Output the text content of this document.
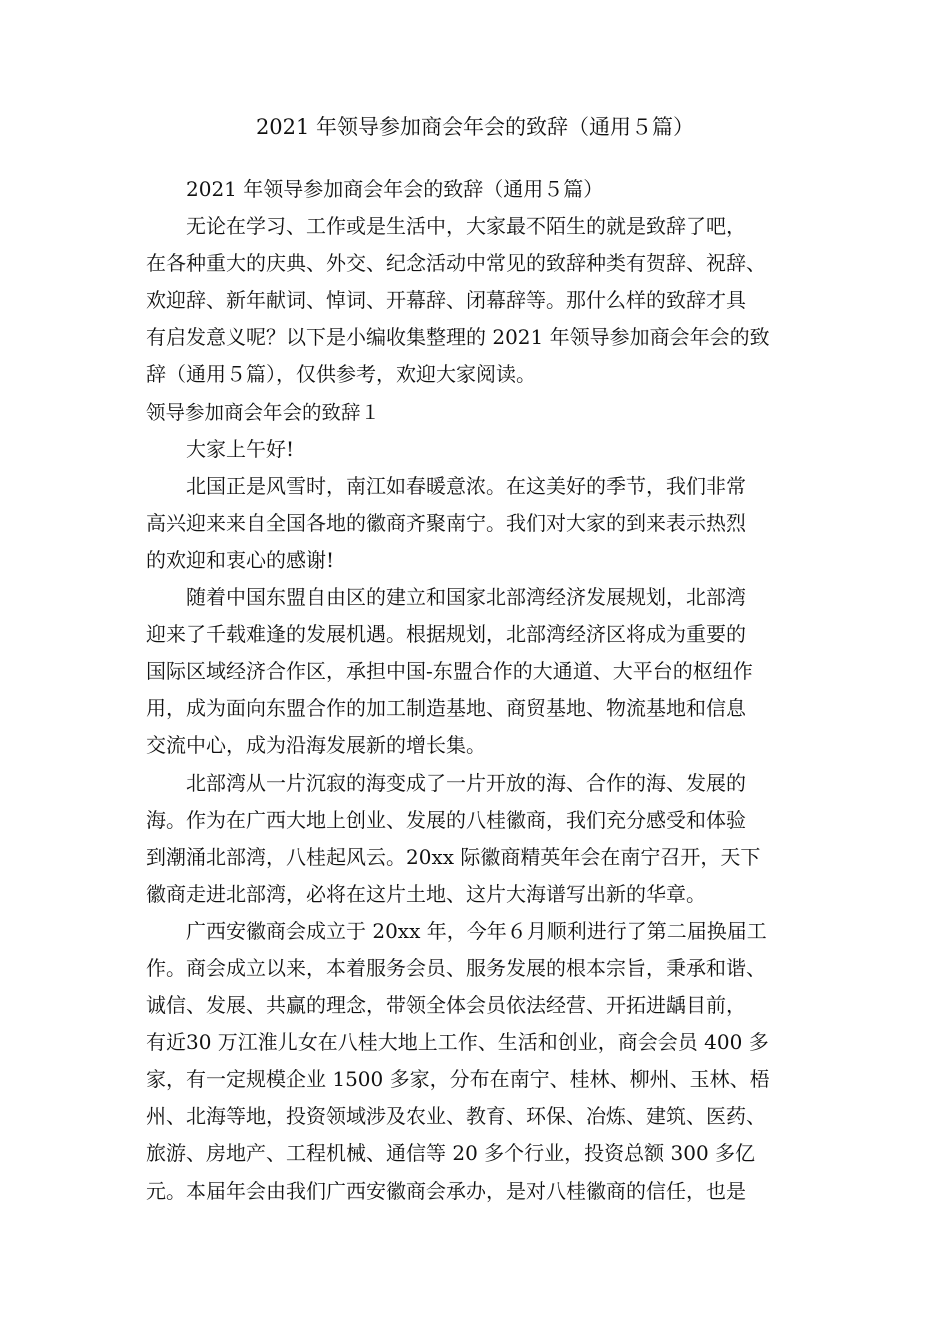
2021 年领导参加商会年会的致辞（通用５篇）
2021 年领导参加商会年会的致辞（通用５篇）
无论在学习、工作或是生活中，大家最不陌生的就是致辞了吧，
在各种重大的庆典、外交、纪念活动中常见的致辞种类有贺辞、祝辞、
欢迎辞、新年献词、悼词、开幕辞、闭幕辞等。那什么样的致辞才具
有启发意义呢？以下是小编收集整理的 2021 年领导参加商会年会的致
辞（通用５篇），仅供参考，欢迎大家阅读。
领导参加商会年会的致辞１
大家上午好!
北国正是风雪时，南江如春暖意浓。在这美好的季节，我们非常
高兴迎来来自全国各地的徽商齐聚南宁。我们对大家的到来表示热烈
的欢迎和衷心的感谢!
随着中国东盟自由区的建立和国家北部湾经济发展规划，北部湾
迎来了千载难逢的发展机遇。根据规划，北部湾经济区将成为重要的
国际区域经济合作区，承担中国-东盟合作的大通道、大平台的枢纽作
用，成为面向东盟合作的加工制造基地、商贸基地、物流基地和信息
交流中心，成为沿海发展新的增长集。
北部湾从一片沉寂的海变成了一片开放的海、合作的海、发展的
海。作为在广西大地上创业、发展的八桂徽商，我们充分感受和体验
到潮涌北部湾，八桂起风云。20xx 际徽商精英年会在南宁召开，天下
徽商走进北部湾，必将在这片土地、这片大海谱写出新的华章。
广西安徽商会成立于 20xx 年，今年６月顺利进行了第二届换届工
作。商会成立以来，本着服务会员、服务发展的根本宗旨，秉承和谐、
诚信、发展、共赢的理念，带领全体会员依法经营、开拓进龋目前，
有近30 万江淮儿女在八桂大地上工作、生活和创业，商会会员 400 多
家，有一定规模企业 1500 多家，分布在南宁、桂林、柳州、玉林、梧
州、北海等地，投资领域涉及农业、教育、环保、冶炼、建筑、医药、
旅游、房地产、工程机械、通信等 20 多个行业，投资总额 300 多亿
元。本届年会由我们广西安徽商会承办，是对八桂徽商的信任，也是
